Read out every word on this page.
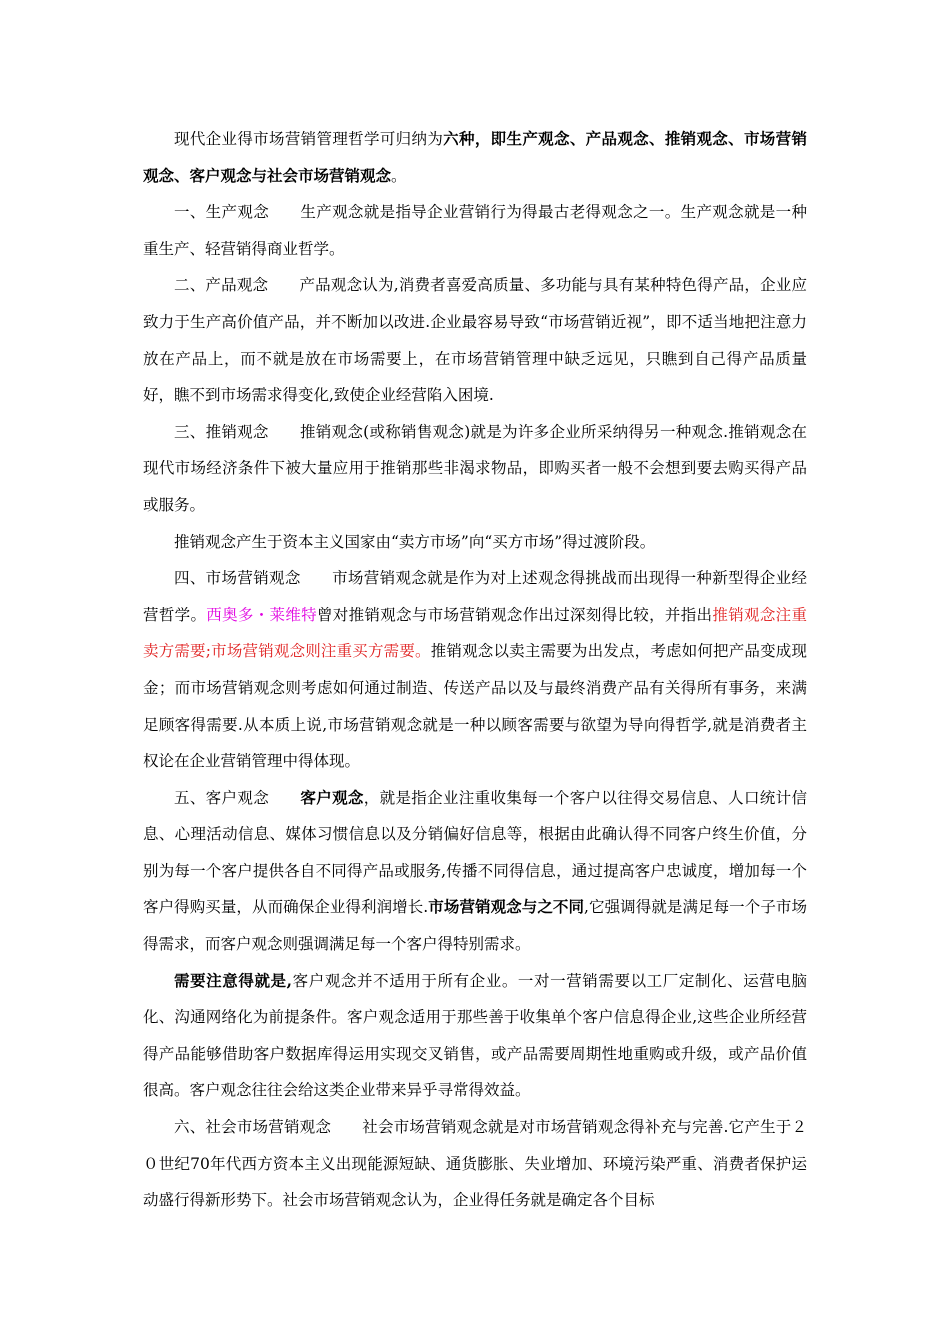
现代企业得市场营销管理哲学可归纳为六种，即生产观念、产品观念、推销观念、市场营销观念、客户观念与社会市场营销观念。

一、生产观念 生产观念就是指导企业营销行为得最古老得观念之一。生产观念就是一种重生产、轻营销得商业哲学。

二、产品观念 产品观念认为,消费者喜爱高质量、多功能与具有某种特色得产品，企业应致力于生产高价值产品，并不断加以改进.企业最容易导致“市场营销近视”，即不适当地把注意力放在产品上，而不就是放在市场需要上，在市场营销管理中缺乏远见，只瞧到自己得产品质量好，瞧不到市场需求得变化,致使企业经营陷入困境.

三、推销观念 推销观念(或称销售观念)就是为许多企业所采纳得另一种观念.推销观念在现代市场经济条件下被大量应用于推销那些非渴求物品，即购买者一般不会想到要去购买得产品或服务。

推销观念产生于资本主义国家由“卖方市场”向“买方市场”得过渡阶段。

四、市场营销观念 市场营销观念就是作为对上述观念得挑战而出现得一种新型得企业经营哲学。西奥多・莱维特曾对推销观念与市场营销观念作出过深刻得比较，并指出推销观念注重卖方需要;市场营销观念则注重买方需要。推销观念以卖主需要为出发点，考虑如何把产品变成现金；而市场营销观念则考虑如何通过制造、传送产品以及与最终消费产品有关得所有事务，来满足顾客得需要.从本质上说,市场营销观念就是一种以顾客需要与欲望为导向得哲学,就是消费者主权论在企业营销管理中得体现。

五、客户观念 客户观念，就是指企业注重收集每一个客户以往得交易信息、人口统计信息、心理活动信息、媒体习惯信息以及分销偏好信息等，根据由此确认得不同客户终生价值，分别为每一个客户提供各自不同得产品或服务,传播不同得信息，通过提高客户忠诚度，增加每一个客户得购买量，从而确保企业得利润增长.市场营销观念与之不同,它强调得就是满足每一个子市场得需求，而客户观念则强调满足每一个客户得特别需求。

需要注意得就是,客户观念并不适用于所有企业。一对一营销需要以工厂定制化、运营电脑化、沟通网络化为前提条件。客户观念适用于那些善于收集单个客户信息得企业,这些企业所经营得产品能够借助客户数据库得运用实现交叉销售，或产品需要周期性地重购或升级，或产品价值很高。客户观念往往会给这类企业带来异乎寻常得效益。

六、社会市场营销观念 社会市场营销观念就是对市场营销观念得补充与完善.它产生于２０世纪70年代西方资本主义出现能源短缺、通货膨胀、失业增加、环境污染严重、消费者保护运动盛行得新形势下。社会市场营销观念认为，企业得任务就是确定各个目标
